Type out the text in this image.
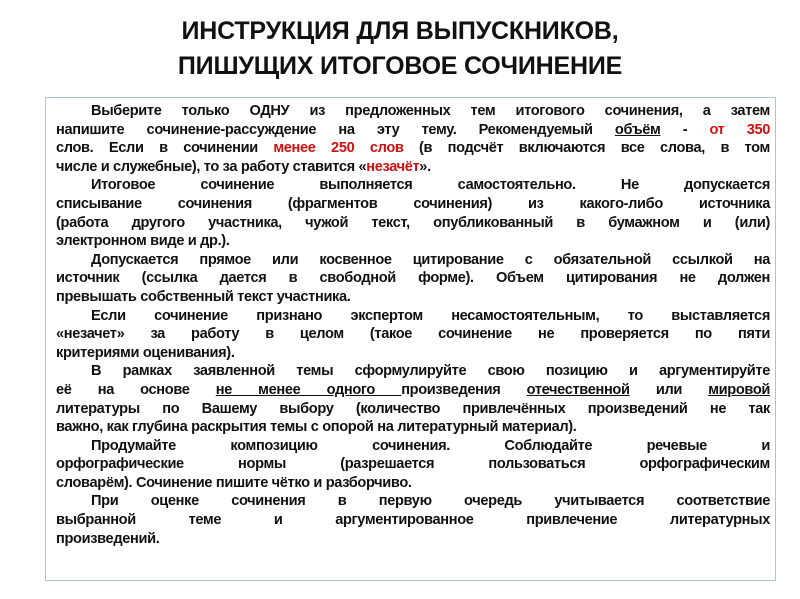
ИНСТРУКЦИЯ ДЛЯ ВЫПУСКНИКОВ,
ПИШУЩИХ ИТОГОВОЕ СОЧИНЕНИЕ
Выберите только ОДНУ из предложенных тем итогового сочинения, а затем
напишите сочинение-рассуждение на эту тему. Рекомендуемый объём - от 350
слов. Если в сочинении менее 250 слов (в подсчёт включаются все слова, в том
числе и служебные), то за работу ставится «незачёт».
Итоговое сочинение выполняется самостоятельно. Не допускается
списывание сочинения (фрагментов сочинения) из какого-либо источника
(работа другого участника, чужой текст, опубликованный в бумажном и (или)
электронном виде и др.).
Допускается прямое или косвенное цитирование с обязательной ссылкой на
источник (ссылка дается в свободной форме). Объем цитирования не должен
превышать собственный текст участника.
Если сочинение признано экспертом несамостоятельным, то выставляется
«незачет» за работу в целом (такое сочинение не проверяется по пяти
критериями оценивания).
В рамках заявленной темы сформулируйте свою позицию и аргументируйте
её на основе не менее одного произведения отечественной или мировой
литературы по Вашему выбору (количество привлечённых произведений не так
важно, как глубина раскрытия темы с опорой на литературный материал).
Продумайте композицию сочинения. Соблюдайте речевые и
орфографические нормы (разрешается пользоваться орфографическим
словарём). Сочинение пишите чётко и разборчиво.
При оценке сочинения в первую очередь учитывается соответствие
выбранной теме и аргументированное привлечение литературных
произведений.
